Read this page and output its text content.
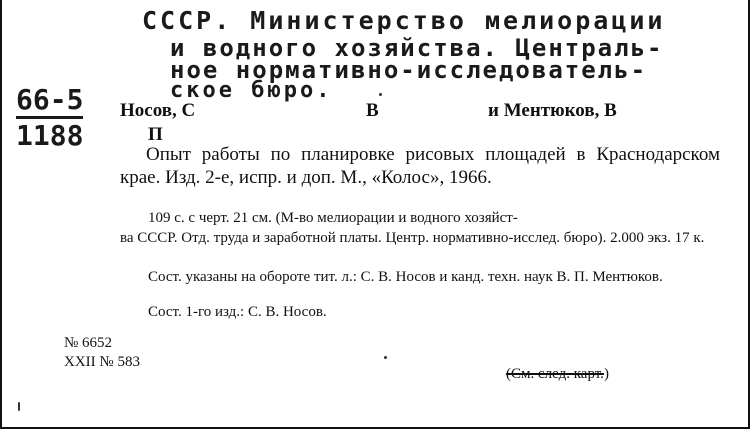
СССР. Министерство мелиорации
и водного хозяйства. Централь-
ное нормативно-исследователь-
ское бюро.
66-5
1188
Носов, С	В	и Ментюков, В
П
Опыт работы по планировке рисовых площадей в Краснодарском крае. Изд. 2-е, испр. и доп. М., «Колос», 1966.
109 с. с черт. 21 см. (М-во мелиорации и водного хозяйст-
ва СССР. Отд. труда и заработной платы. Центр. нормативно-исслед. бюро). 2.000 экз. 17 к.
Сост. указаны на обороте тит. л.: С. В. Носов и канд. техн. наук В. П. Ментюков.
Сост. 1-го изд.: С. В. Носов.
№ 6652
XXII № 583
(См. след. карт.)
